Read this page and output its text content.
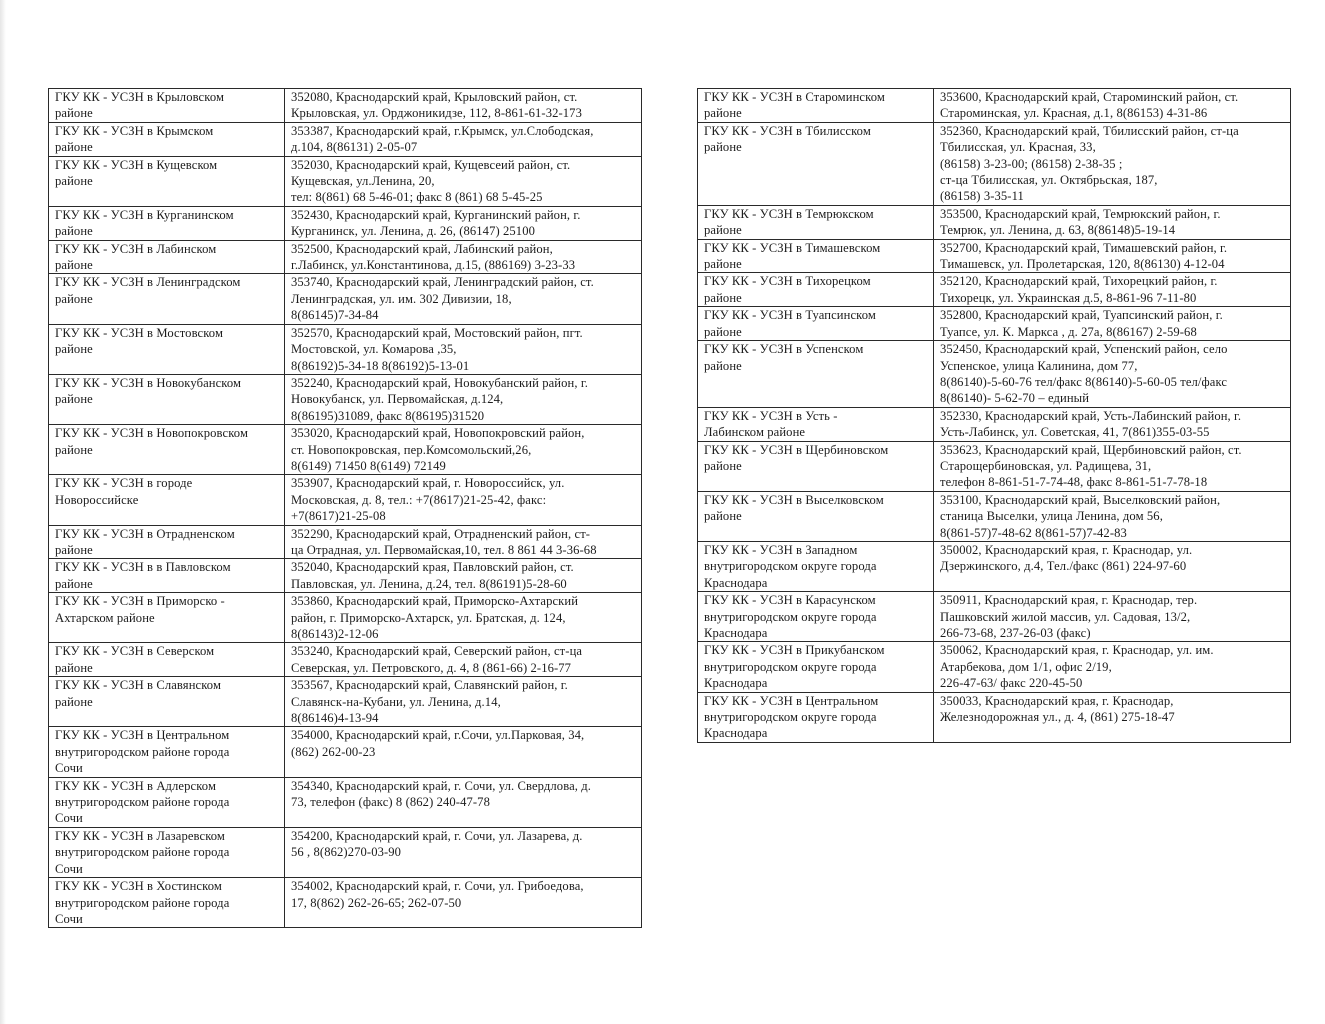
ГКУ КК - УСЗН в Крыловском
районе	352080, Краснодарский край, Крыловский район, ст.
Крыловская, ул. Орджоникидзе, 112, 8-861-61-32-173
ГКУ КК - УСЗН в Крымском
районе	353387, Краснодарский край, г.Крымск, ул.Слободская,
д.104, 8(86131) 2-05-07
ГКУ КК - УСЗН в Кущевском
районе	352030, Краснодарский край, Кущевсеий район, ст.
Кущевская, ул.Ленина, 20,
тел: 8(861) 68 5-46-01; факс 8 (861) 68 5-45-25
ГКУ КК - УСЗН в Курганинском
районе	352430, Краснодарский край, Курганинский район, г.
Курганинск, ул. Ленина, д. 26, (86147) 25100
ГКУ КК - УСЗН в Лабинском
районе	352500, Краснодарский край, Лабинский район,
г.Лабинск, ул.Константинова, д.15, (886169) 3-23-33
ГКУ КК - УСЗН в Ленинградском
районе	353740, Краснодарский край, Ленинградский район, ст.
Ленинградская, ул. им. 302 Дивизии, 18,
8(86145)7-34-84
ГКУ КК - УСЗН в Мостовском
районе	352570, Краснодарский край, Мостовский район, пгт.
Мостовской, ул. Комарова ,35,
8(86192)5-34-18 8(86192)5-13-01
ГКУ КК - УСЗН в Новокубанском
районе	352240, Краснодарский край, Новокубанский район, г.
Новокубанск, ул. Первомайская, д.124,
8(86195)31089, факс 8(86195)31520
ГКУ КК - УСЗН в Новопокровском
районе	353020, Краснодарский край, Новопокровский район,
ст. Новопокровская, пер.Комсомольский,26,
8(6149) 71450 8(6149) 72149
ГКУ КК - УСЗН в городе
Новороссийске	353907, Краснодарский край, г. Новороссийск, ул.
Московская, д. 8, тел.: +7(8617)21-25-42, факс:
+7(8617)21-25-08
ГКУ КК - УСЗН в Отрадненском
районе	352290, Краснодарский край, Отрадненский район, ст-
ца Отрадная, ул. Первомайская,10, тел. 8 861 44 3-36-68
ГКУ КК - УСЗН в в Павловском
районе	352040, Краснодарский края, Павловский район, ст.
Павловская, ул. Ленина, д.24, тел. 8(86191)5-28-60
ГКУ КК - УСЗН в Приморско -
Ахтарском районе	353860, Краснодарский край, Приморско-Ахтарский
район, г. Приморско-Ахтарск, ул. Братская, д. 124,
8(86143)2-12-06
ГКУ КК - УСЗН в Северском
районе	353240, Краснодарский край, Северский район, ст-ца
Северская, ул. Петровского, д. 4, 8 (861-66) 2-16-77
ГКУ КК - УСЗН в Славянском
районе	353567, Краснодарский край, Славянский район, г.
Славянск-на-Кубани, ул. Ленина, д.14,
8(86146)4-13-94
ГКУ КК - УСЗН в Центральном
внутригородском районе города
Сочи	354000, Краснодарский край, г.Сочи, ул.Парковая, 34,
(862) 262-00-23
ГКУ КК - УСЗН в Адлерском
внутригородском районе города
Сочи	354340, Краснодарский край, г. Сочи, ул. Свердлова, д.
73, телефон (факс) 8 (862) 240-47-78
ГКУ КК - УСЗН в Лазаревском
внутригородском районе города
Сочи	354200, Краснодарский край, г. Сочи, ул. Лазарева, д.
56 , 8(862)270-03-90
ГКУ КК - УСЗН в Хостинском
внутригородском районе города
Сочи	354002, Краснодарский край, г. Сочи, ул. Грибоедова,
17, 8(862) 262-26-65; 262-07-50
ГКУ КК - УСЗН в Староминском
районе	353600, Краснодарский край, Староминский район, ст.
Староминская, ул. Красная, д.1, 8(86153) 4-31-86
ГКУ КК - УСЗН в Тбилисском
районе	352360, Краснодарский край, Тбилисский район, ст-ца
Тбилисская, ул. Красная, 33,
(86158) 3-23-00; (86158) 2-38-35 ;
ст-ца Тбилисская, ул. Октябрьская, 187,
(86158) 3-35-11
ГКУ КК - УСЗН в Темрюкском
районе	353500, Краснодарский край, Темрюкский район, г.
Темрюк, ул. Ленина, д. 63, 8(86148)5-19-14
ГКУ КК - УСЗН в Тимашевском
районе	352700, Краснодарский край, Тимашевский район, г.
Тимашевск, ул. Пролетарская, 120, 8(86130) 4-12-04
ГКУ КК - УСЗН в Тихорецком
районе	352120, Краснодарский край, Тихорецкий район, г.
Тихорецк, ул. Украинская д.5, 8-861-96 7-11-80
ГКУ КК - УСЗН в Туапсинском
районе	352800, Краснодарский край, Туапсинский район, г.
Туапсе, ул. К. Маркса , д. 27а, 8(86167) 2-59-68
ГКУ КК - УСЗН в Успенском
районе	352450, Краснодарский край, Успенский район, село
Успенское, улица Калинина, дом 77,
8(86140)-5-60-76 тел/факс 8(86140)-5-60-05 тел/факс
8(86140)- 5-62-70 – единый
ГКУ КК - УСЗН в Усть -
Лабинском районе	352330, Краснодарский край, Усть-Лабинский район, г.
Усть-Лабинск, ул. Советская, 41, 7(861)355-03-55
ГКУ КК - УСЗН в Щербиновском
районе	353623, Краснодарский край, Щербиновский район, ст.
Старощербиновская, ул. Радищева, 31,
телефон 8-861-51-7-74-48, факс 8-861-51-7-78-18
ГКУ КК - УСЗН в Выселковском
районе	353100, Краснодарский край, Выселковский район,
станица Выселки, улица Ленина, дом 56,
8(861-57)7-48-62 8(861-57)7-42-83
ГКУ КК - УСЗН в Западном
внутригородском округе города
Краснодара	350002, Краснодарский края, г. Краснодар, ул.
Дзержинского, д.4, Тел./факс (861) 224-97-60
ГКУ КК - УСЗН в Карасунском
внутригородском округе города
Краснодара	350911, Краснодарский края, г. Краснодар, тер.
Пашковский жилой массив, ул. Садовая, 13/2,
266-73-68, 237-26-03 (факс)
ГКУ КК - УСЗН в Прикубанском
внутригородском округе города
Краснодара	350062, Краснодарский края, г. Краснодар, ул. им.
Атарбекова, дом 1/1, офис 2/19,
226-47-63/ факс 220-45-50
ГКУ КК - УСЗН в Центральном
внутригородском округе города
Краснодара	350033, Краснодарский края, г. Краснодар,
Железнодорожная ул., д. 4, (861) 275-18-47
